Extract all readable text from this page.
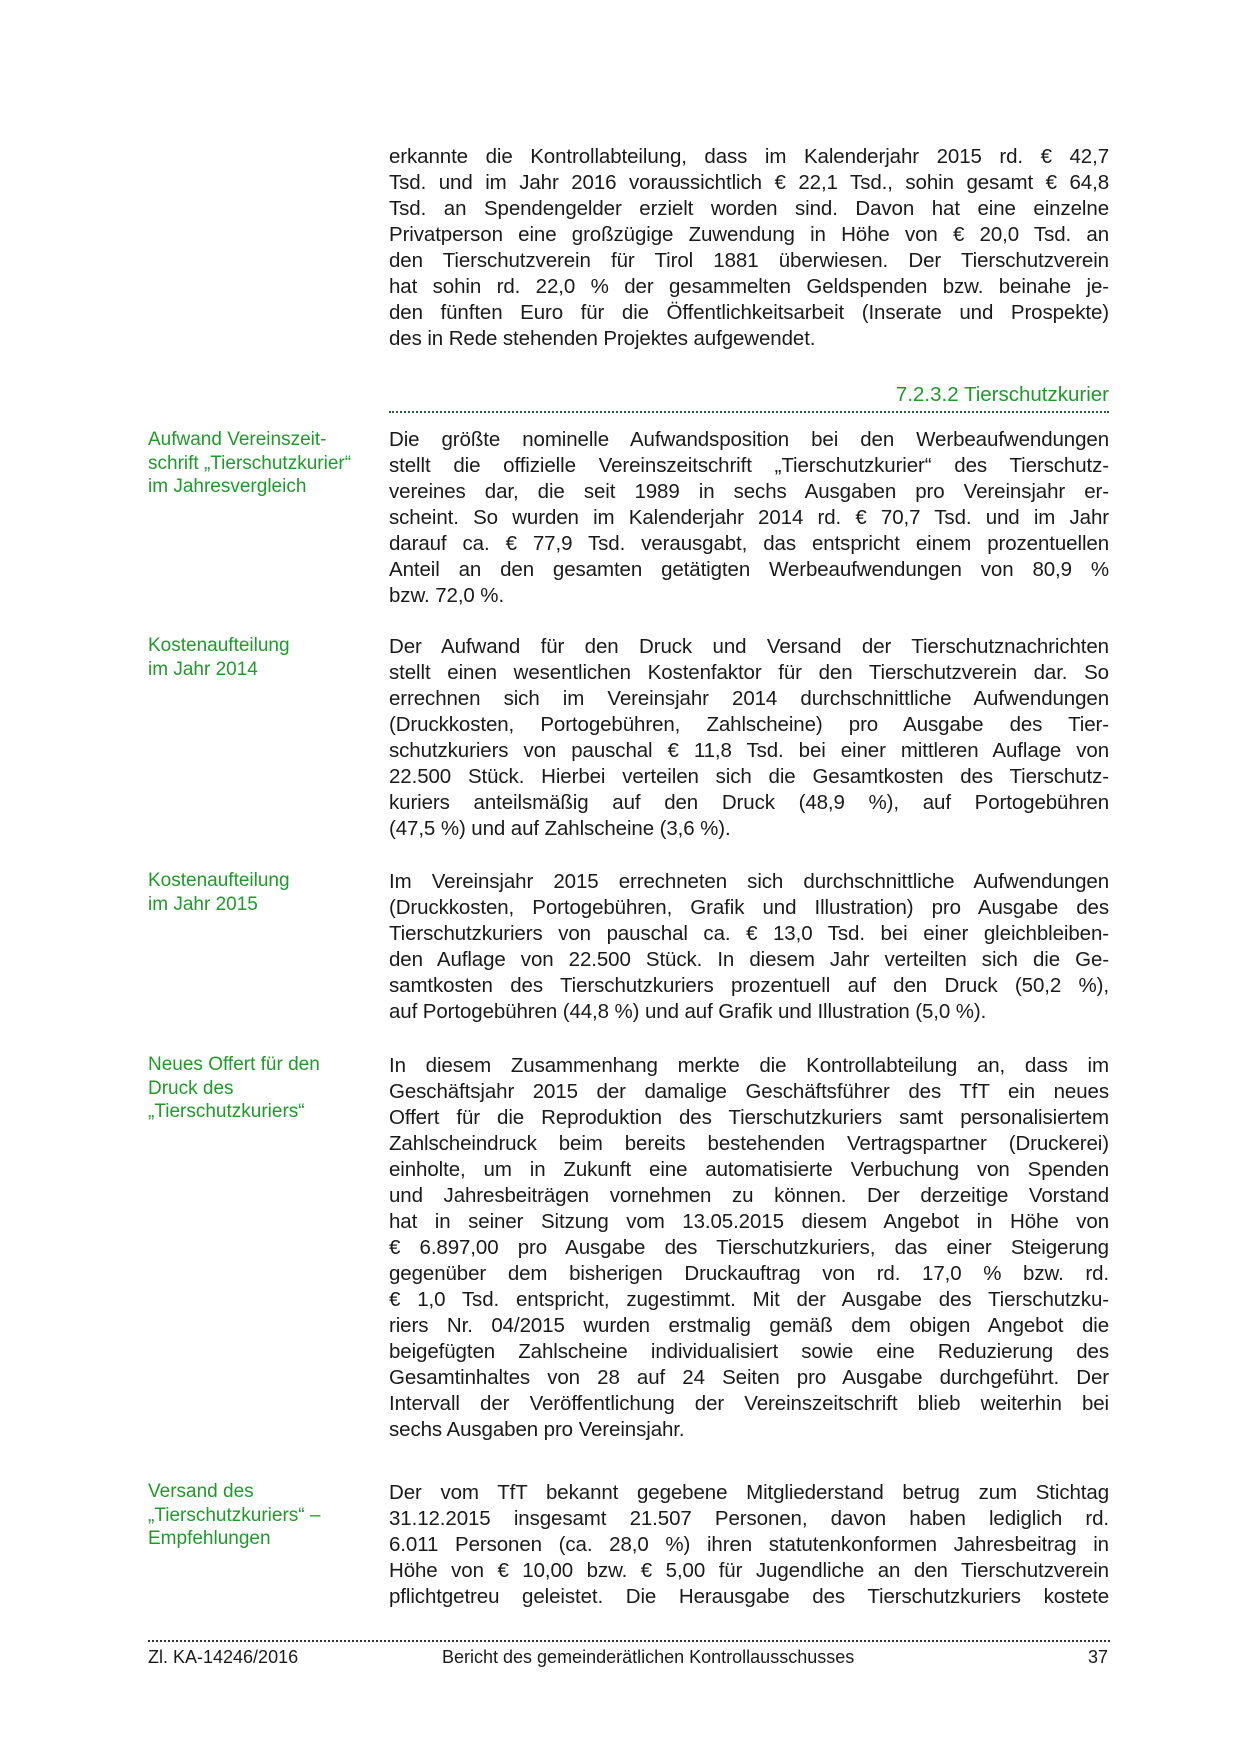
erkannte die Kontrollabteilung, dass im Kalenderjahr 2015 rd. € 42,7
Tsd. und im Jahr 2016 voraussichtlich € 22,1 Tsd., sohin gesamt € 64,8
Tsd. an Spendengelder erzielt worden sind. Davon hat eine einzelne
Privatperson eine großzügige Zuwendung in Höhe von € 20,0 Tsd. an
den Tierschutzverein für Tirol 1881 überwiesen. Der Tierschutzverein
hat sohin rd. 22,0 % der gesammelten Geldspenden bzw. beinahe je-
den fünften Euro für die Öffentlichkeitsarbeit (Inserate und Prospekte)
des in Rede stehenden Projektes aufgewendet.
7.2.3.2 Tierschutzkurier
Aufwand Vereinszeit-
schrift „Tierschutzkurier“
im Jahresvergleich
Die größte nominelle Aufwandsposition bei den Werbeaufwendungen
stellt die offizielle Vereinszeitschrift „Tierschutzkurier“ des Tierschutz-
vereines dar, die seit 1989 in sechs Ausgaben pro Vereinsjahr er-
scheint. So wurden im Kalenderjahr 2014 rd. € 70,7 Tsd. und im Jahr
darauf ca. € 77,9 Tsd. verausgabt, das entspricht einem prozentuellen
Anteil an den gesamten getätigten Werbeaufwendungen von 80,9 %
bzw. 72,0 %.
Kostenaufteilung
im Jahr 2014
Der Aufwand für den Druck und Versand der Tierschutznachrichten
stellt einen wesentlichen Kostenfaktor für den Tierschutzverein dar. So
errechnen sich im Vereinsjahr 2014 durchschnittliche Aufwendungen
(Druckkosten, Portogebühren, Zahlscheine) pro Ausgabe des Tier-
schutzkuriers von pauschal € 11,8 Tsd. bei einer mittleren Auflage von
22.500 Stück. Hierbei verteilen sich die Gesamtkosten des Tierschutz-
kuriers anteilsmäßig auf den Druck (48,9 %), auf Portogebühren
(47,5 %) und auf Zahlscheine (3,6 %).
Kostenaufteilung
im Jahr 2015
Im Vereinsjahr 2015 errechneten sich durchschnittliche Aufwendungen
(Druckkosten, Portogebühren, Grafik und Illustration) pro Ausgabe des
Tierschutzkuriers von pauschal ca. € 13,0 Tsd. bei einer gleichbleiben-
den Auflage von 22.500 Stück. In diesem Jahr verteilten sich die Ge-
samtkosten des Tierschutzkuriers prozentuell auf den Druck (50,2 %),
auf Portogebühren (44,8 %) und auf Grafik und Illustration (5,0 %).
Neues Offert für den
Druck des
„Tierschutzkuriers“
In diesem Zusammenhang merkte die Kontrollabteilung an, dass im
Geschäftsjahr 2015 der damalige Geschäftsführer des TfT ein neues
Offert für die Reproduktion des Tierschutzkuriers samt personalisiertem
Zahlscheindruck beim bereits bestehenden Vertragspartner (Druckerei)
einholte, um in Zukunft eine automatisierte Verbuchung von Spenden
und Jahresbeiträgen vornehmen zu können. Der derzeitige Vorstand
hat in seiner Sitzung vom 13.05.2015 diesem Angebot in Höhe von
€ 6.897,00 pro Ausgabe des Tierschutzkuriers, das einer Steigerung
gegenüber dem bisherigen Druckauftrag von rd. 17,0 % bzw. rd.
€ 1,0 Tsd. entspricht, zugestimmt. Mit der Ausgabe des Tierschutzku-
riers Nr. 04/2015 wurden erstmalig gemäß dem obigen Angebot die
beigefügten Zahlscheine individualisiert sowie eine Reduzierung des
Gesamtinhaltes von 28 auf 24 Seiten pro Ausgabe durchgeführt. Der
Intervall der Veröffentlichung der Vereinszeitschrift blieb weiterhin bei
sechs Ausgaben pro Vereinsjahr.
Versand des
„Tierschutzkuriers“ –
Empfehlungen
Der vom TfT bekannt gegebene Mitgliederstand betrug zum Stichtag
31.12.2015 insgesamt 21.507 Personen, davon haben lediglich rd.
6.011 Personen (ca. 28,0 %) ihren statutenkonformen Jahresbeitrag in
Höhe von € 10,00 bzw. € 5,00 für Jugendliche an den Tierschutzverein
pflichtgetreu geleistet. Die Herausgabe des Tierschutzkuriers kostete
Zl. KA-14246/2016	Bericht des gemeinderätlichen Kontrollausschusses	37
